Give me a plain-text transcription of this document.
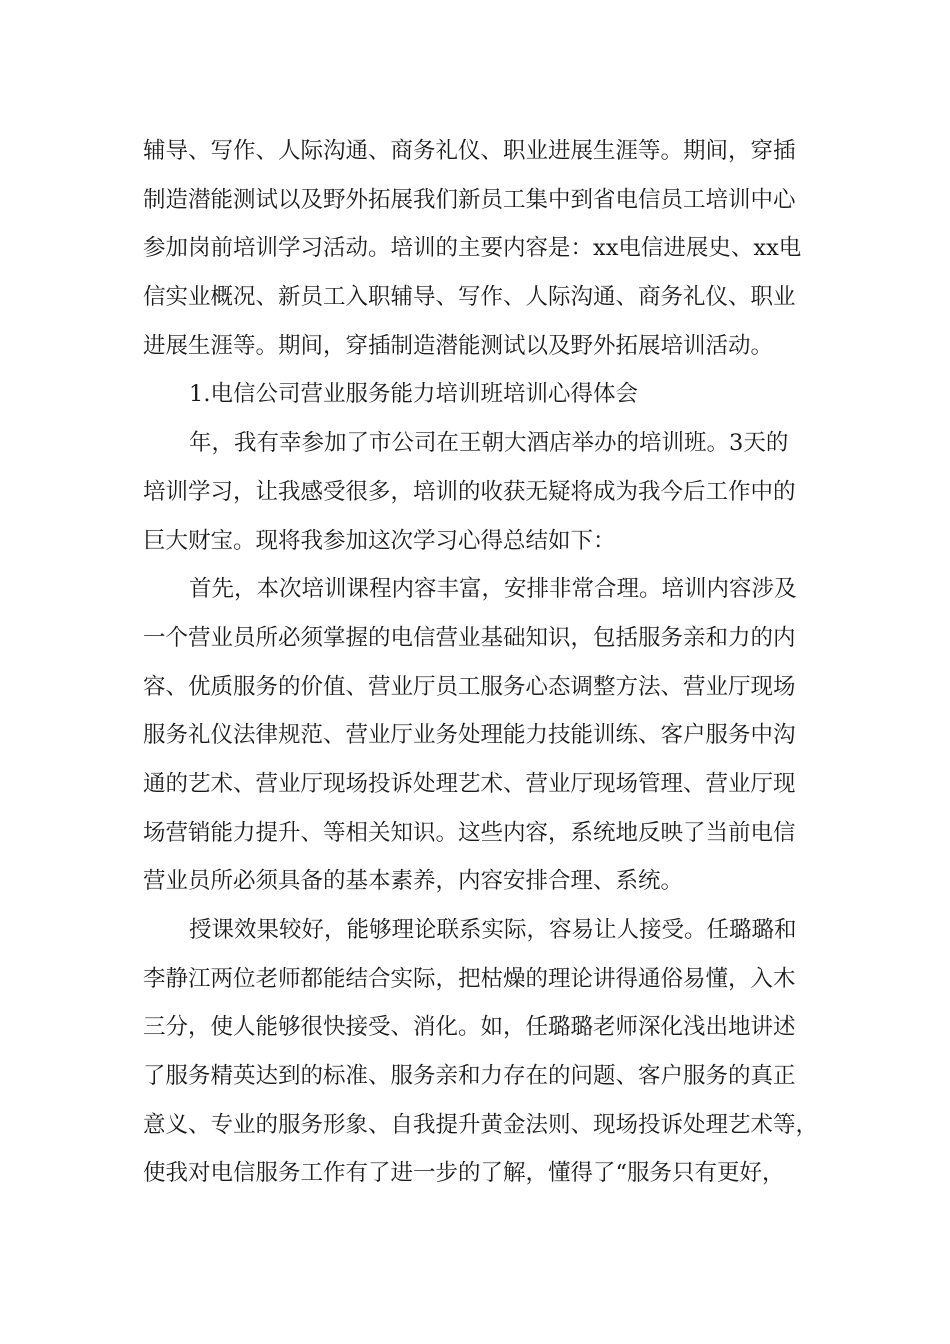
辅导、写作、人际沟通、商务礼仪、职业进展生涯等。期间，穿插
制造潜能测试以及野外拓展我们新员工集中到省电信员工培训中心
参加岗前培训学习活动。培训的主要内容是：xx电信进展史、xx电
信实业概况、新员工入职辅导、写作、人际沟通、商务礼仪、职业
进展生涯等。期间，穿插制造潜能测试以及野外拓展培训活动。
1.电信公司营业服务能力培训班培训心得体会
年，我有幸参加了市公司在王朝大酒店举办的培训班。3天的
培训学习，让我感受很多，培训的收获无疑将成为我今后工作中的
巨大财宝。现将我参加这次学习心得总结如下：
首先，本次培训课程内容丰富，安排非常合理。培训内容涉及
一个营业员所必须掌握的电信营业基础知识，包括服务亲和力的内
容、优质服务的价值、营业厅员工服务心态调整方法、营业厅现场
服务礼仪法律规范、营业厅业务处理能力技能训练、客户服务中沟
通的艺术、营业厅现场投诉处理艺术、营业厅现场管理、营业厅现
场营销能力提升、等相关知识。这些内容，系统地反映了当前电信
营业员所必须具备的基本素养，内容安排合理、系统。
授课效果较好，能够理论联系实际，容易让人接受。任璐璐和
李静江两位老师都能结合实际，把枯燥的理论讲得通俗易懂，入木
三分，使人能够很快接受、消化。如，任璐璐老师深化浅出地讲述
了服务精英达到的标准、服务亲和力存在的问题、客户服务的真正
意义、专业的服务形象、自我提升黄金法则、现场投诉处理艺术等，
使我对电信服务工作有了进一步的了解，懂得了“服务只有更好，
